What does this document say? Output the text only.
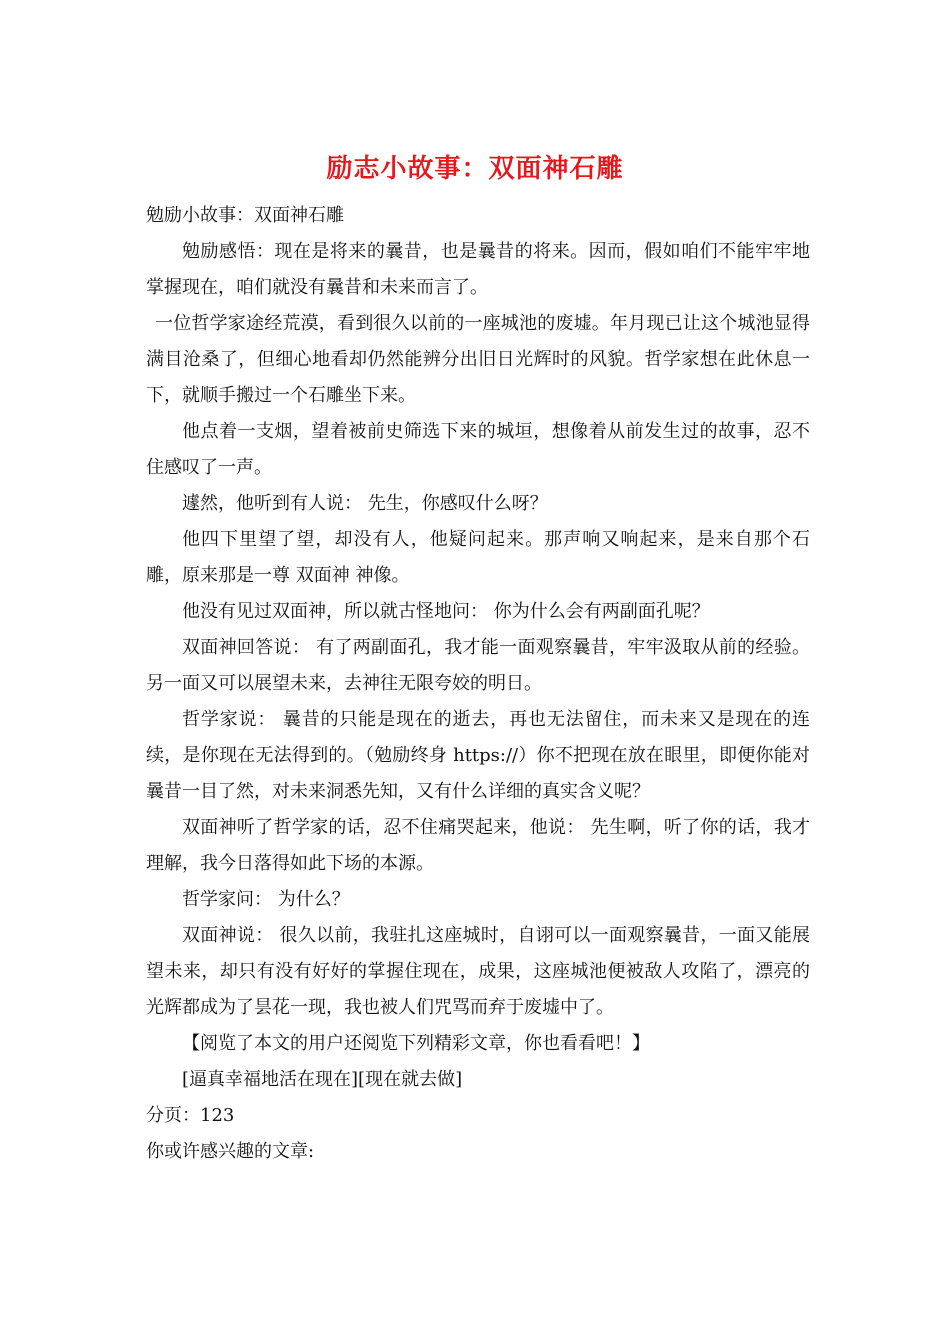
励志小故事：双面神石雕

勉励小故事：双面神石雕

勉励感悟：现在是将来的曩昔，也是曩昔的将来。因而，假如咱们不能牢牢地掌握现在，咱们就没有曩昔和未来而言了。

一位哲学家途经荒漠，看到很久以前的一座城池的废墟。年月现已让这个城池显得满目沧桑了，但细心地看却仍然能辨分出旧日光辉时的风貌。哲学家想在此休息一下，就顺手搬过一个石雕坐下来。

他点着一支烟，望着被前史筛选下来的城垣，想像着从前发生过的故事，忍不住感叹了一声。

遽然，他听到有人说： 先生，你感叹什么呀？

他四下里望了望，却没有人，他疑问起来。那声响又响起来，是来自那个石雕，原来那是一尊 双面神 神像。

他没有见过双面神，所以就古怪地问： 你为什么会有两副面孔呢？

双面神回答说： 有了两副面孔，我才能一面观察曩昔，牢牢汲取从前的经验。另一面又可以展望未来，去神往无限夸姣的明日。

哲学家说： 曩昔的只能是现在的逝去，再也无法留住，而未来又是现在的连续，是你现在无法得到的。（勉励终身 https://）你不把现在放在眼里，即便你能对曩昔一目了然，对未来洞悉先知，又有什么详细的真实含义呢？

双面神听了哲学家的话，忍不住痛哭起来，他说： 先生啊，听了你的话，我才理解，我今日落得如此下场的本源。

哲学家问： 为什么？

双面神说： 很久以前，我驻扎这座城时，自诩可以一面观察曩昔，一面又能展望未来，却只有没有好好的掌握住现在，成果，这座城池便被敌人攻陷了，漂亮的光辉都成为了昙花一现，我也被人们咒骂而弃于废墟中了。

【阅览了本文的用户还阅览下列精彩文章，你也看看吧！】

[逼真幸福地活在现在][现在就去做]

分页：123

你或许感兴趣的文章:
